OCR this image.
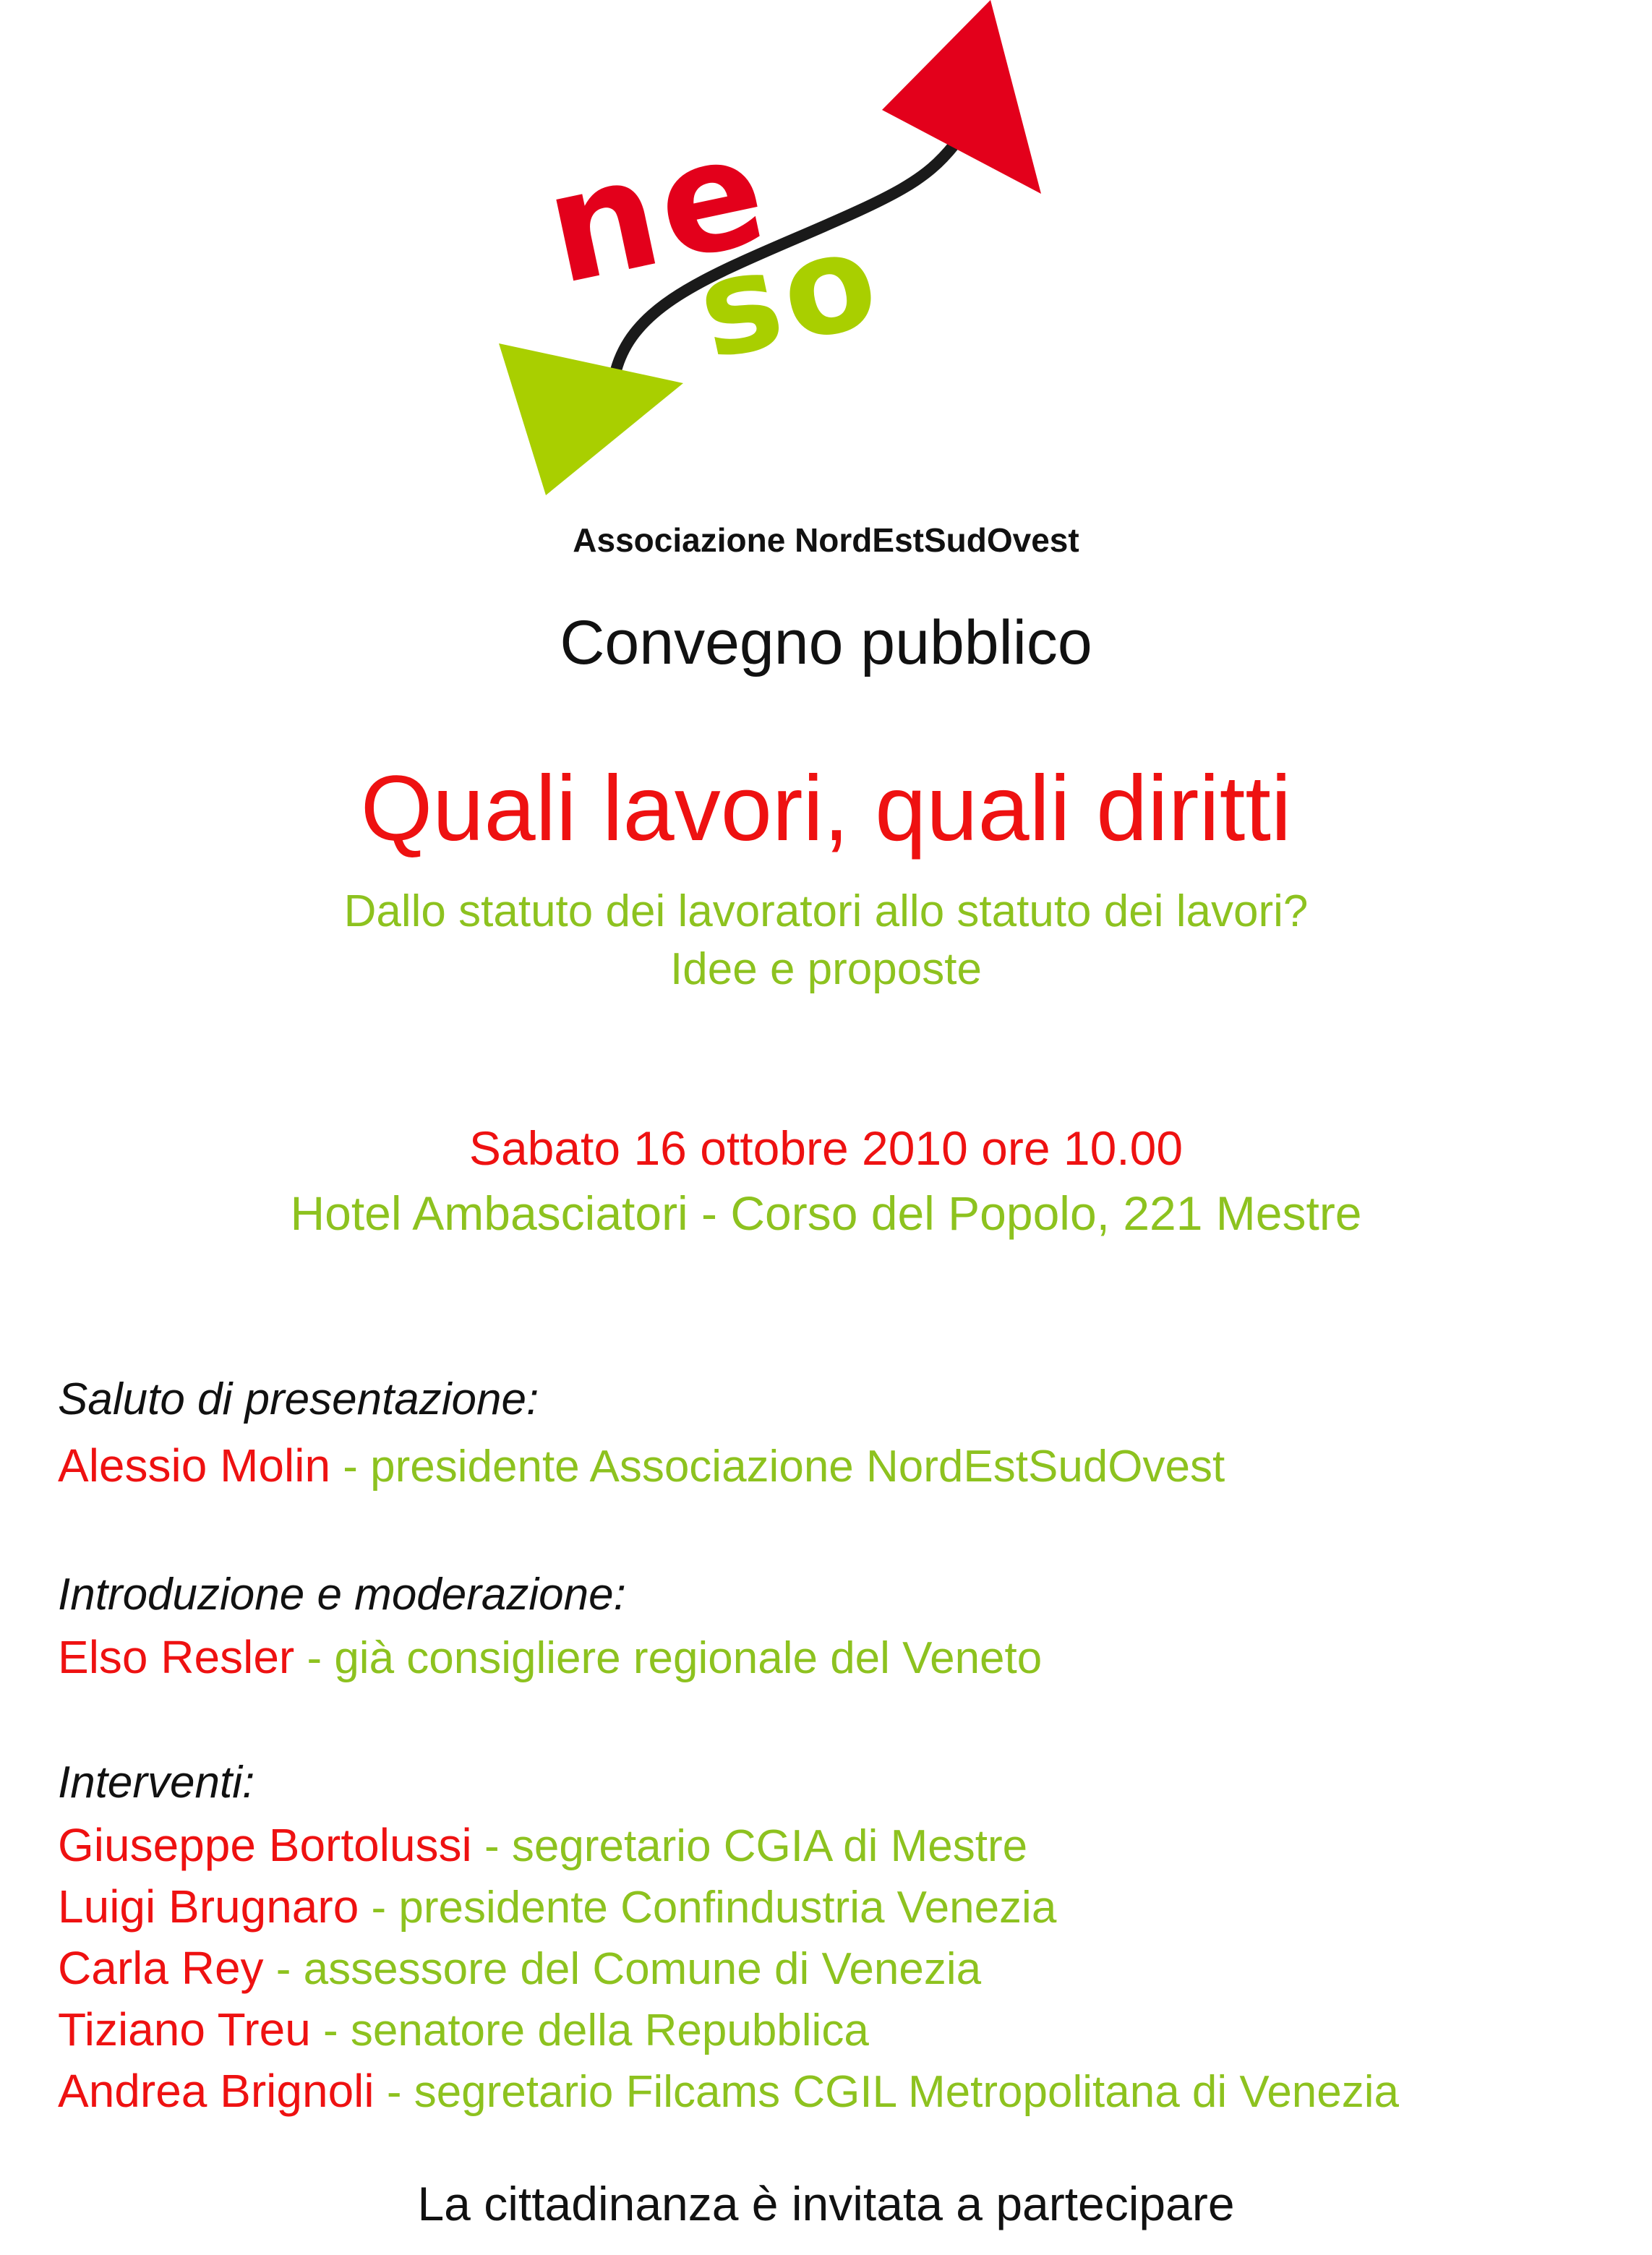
ne
so
Associazione NordEstSudOvest
Convegno pubblico
Quali lavori, quali diritti
Dallo statuto dei lavoratori allo statuto dei lavori?
Idee e proposte
Sabato 16 ottobre 2010 ore 10.00
Hotel Ambasciatori - Corso del Popolo, 221 Mestre
Saluto di presentazione:
Alessio Molin - presidente Associazione NordEstSudOvest
Introduzione e moderazione:
Elso Resler - già consigliere regionale del Veneto
Interventi:
Giuseppe Bortolussi - segretario CGIA di Mestre
Luigi Brugnaro - presidente Confindustria Venezia
Carla Rey - assessore del Comune di Venezia
Tiziano Treu - senatore della Repubblica
Andrea Brignoli - segretario Filcams CGIL Metropolitana di Venezia
La cittadinanza è invitata a partecipare
